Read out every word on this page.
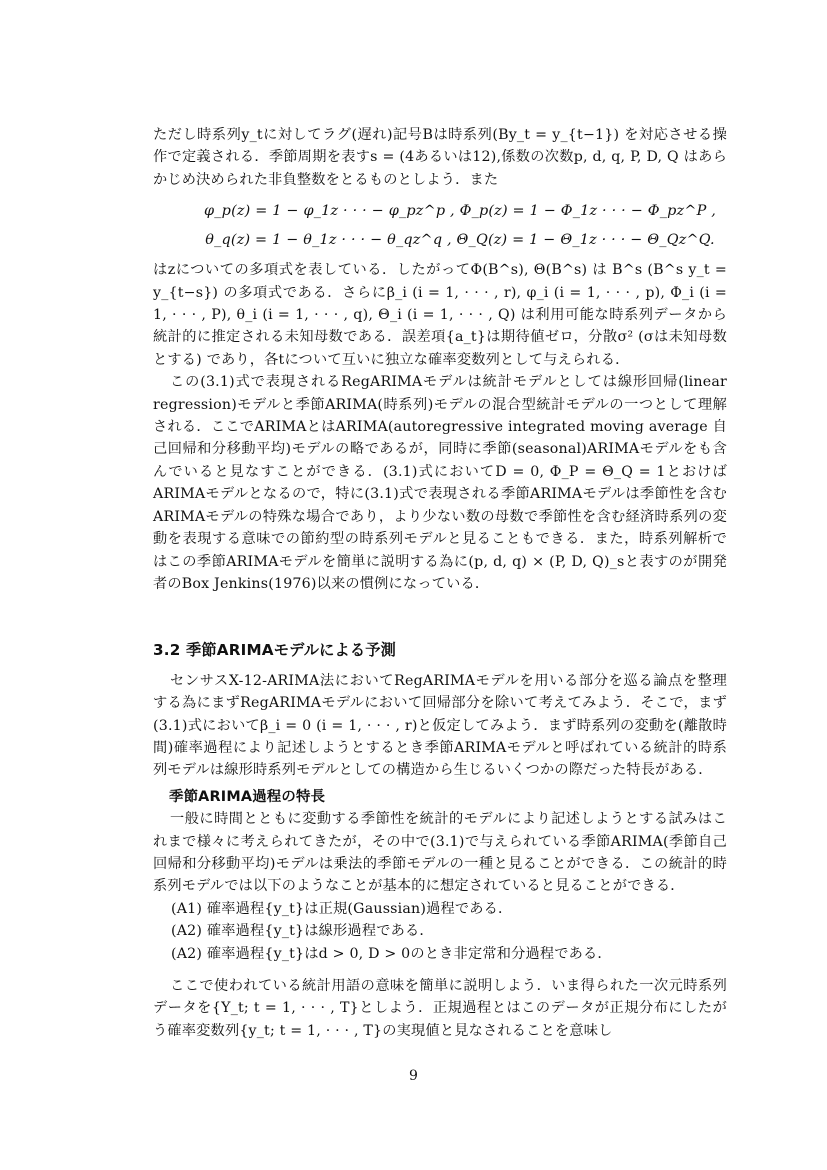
ただし時系列y_tに対してラグ(遅れ)記号Bは時系列(By_t = y_{t−1}) を対応させる操作で定義される．季節周期を表すs = (4あるいは12),係数の次数p, d, q, P, D, Q はあらかじめ決められた非負整数をとるものとしよう．また

φ_p(z) = 1 − φ_1z · · · − φ_pz^p , Φ_p(z) = 1 − Φ_1z · · · − Φ_pz^P ,
θ_q(z) = 1 − θ_1z · · · − θ_qz^q , Θ_Q(z) = 1 − Θ_1z · · · − Θ_Qz^Q.

はzについての多項式を表している．したがってΦ(B^s), Θ(B^s) は B^s (B^s y_t = y_{t−s}) の多項式である．さらにβ_i (i = 1, · · · , r), φ_i (i = 1, · · · , p), Φ_i (i = 1, · · · , P), θ_i (i = 1, · · · , q), Θ_i (i = 1, · · · , Q) は利用可能な時系列データから統計的に推定される未知母数である．誤差項{a_t}は期待値ゼロ，分散σ² (σは未知母数とする) であり，各tについて互いに独立な確率変数列として与えられる．

この(3.1)式で表現されるRegARIMAモデルは統計モデルとしては線形回帰(linear regression)モデルと季節ARIMA(時系列)モデルの混合型統計モデルの一つとして理解される．ここでARIMAとはARIMA(autoregressive integrated moving average 自己回帰和分移動平均)モデルの略であるが，同時に季節(seasonal)ARIMAモデルをも含んでいると見なすことができる．(3.1)式においてD = 0, Φ_P = Θ_Q = 1とおけばARIMAモデルとなるので，特に(3.1)式で表現される季節ARIMAモデルは季節性を含むARIMAモデルの特殊な場合であり，より少ない数の母数で季節性を含む経済時系列の変動を表現する意味での節約型の時系列モデルと見ることもできる．また，時系列解析ではこの季節ARIMAモデルを簡単に説明する為に(p, d, q) × (P, D, Q)_sと表すのが開発者のBox Jenkins(1976)以来の慣例になっている．

3.2 季節ARIMAモデルによる予測

センサスX-12-ARIMA法においてRegARIMAモデルを用いる部分を巡る論点を整理する為にまずRegARIMAモデルにおいて回帰部分を除いて考えてみよう．そこで，まず(3.1)式においてβ_i = 0 (i = 1, · · · , r)と仮定してみよう．まず時系列の変動を(離散時間)確率過程により記述しようとするとき季節ARIMAモデルと呼ばれている統計的時系列モデルは線形時系列モデルとしての構造から生じるいくつかの際だった特長がある．

季節ARIMA過程の特長

一般に時間とともに変動する季節性を統計的モデルにより記述しようとする試みはこれまで様々に考えられてきたが，その中で(3.1)で与えられている季節ARIMA(季節自己回帰和分移動平均)モデルは乗法的季節モデルの一種と見ることができる．この統計的時系列モデルでは以下のようなことが基本的に想定されていると見ることができる．

(A1) 確率過程{y_t}は正規(Gaussian)過程である．
(A2) 確率過程{y_t}は線形過程である．
(A2) 確率過程{y_t}はd > 0, D > 0のとき非定常和分過程である．

ここで使われている統計用語の意味を簡単に説明しよう．いま得られた一次元時系列データを{Y_t; t = 1, · · · , T}としよう．正規過程とはこのデータが正規分布にしたがう確率変数列{y_t; t = 1, · · · , T}の実現値と見なされることを意味し

9
